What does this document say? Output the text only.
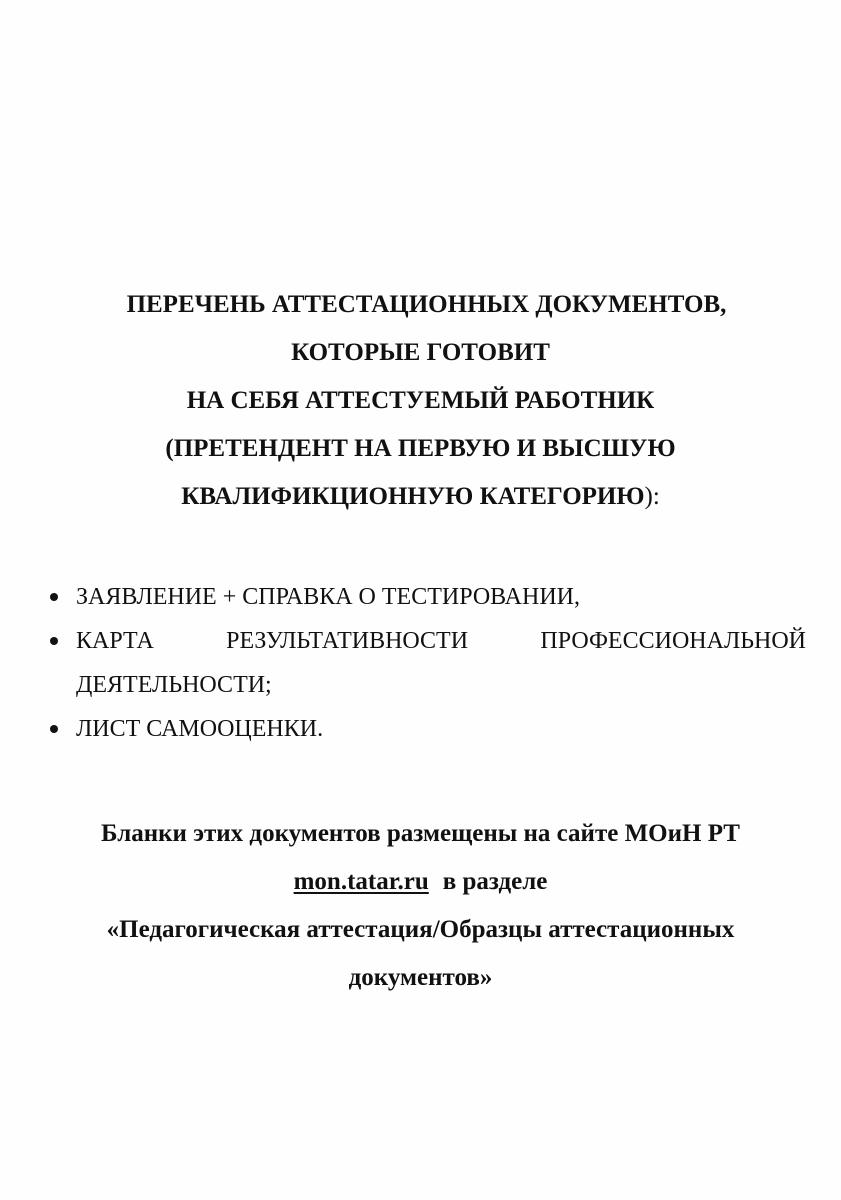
ПЕРЕЧЕНЬ АТТЕСТАЦИОННЫХ ДОКУМЕНТОВ,
КОТОРЫЕ ГОТОВИТ
НА СЕБЯ АТТЕСТУЕМЫЙ РАБОТНИК
(ПРЕТЕНДЕНТ НА ПЕРВУЮ И ВЫСШУЮ
КВАЛИФИКЦИОННУЮ КАТЕГОРИЮ):
ЗАЯВЛЕНИЕ + СПРАВКА О ТЕСТИРОВАНИИ,
КАРТА РЕЗУЛЬТАТИВНОСТИ ПРОФЕССИОНАЛЬНОЙ ДЕЯТЕЛЬНОСТИ;
ЛИСТ САМООЦЕНКИ.
Бланки этих документов размещены на сайте МОиН РТ
mon.tatar.ru в разделе
«Педагогическая аттестация/Образцы аттестационных
документов»
